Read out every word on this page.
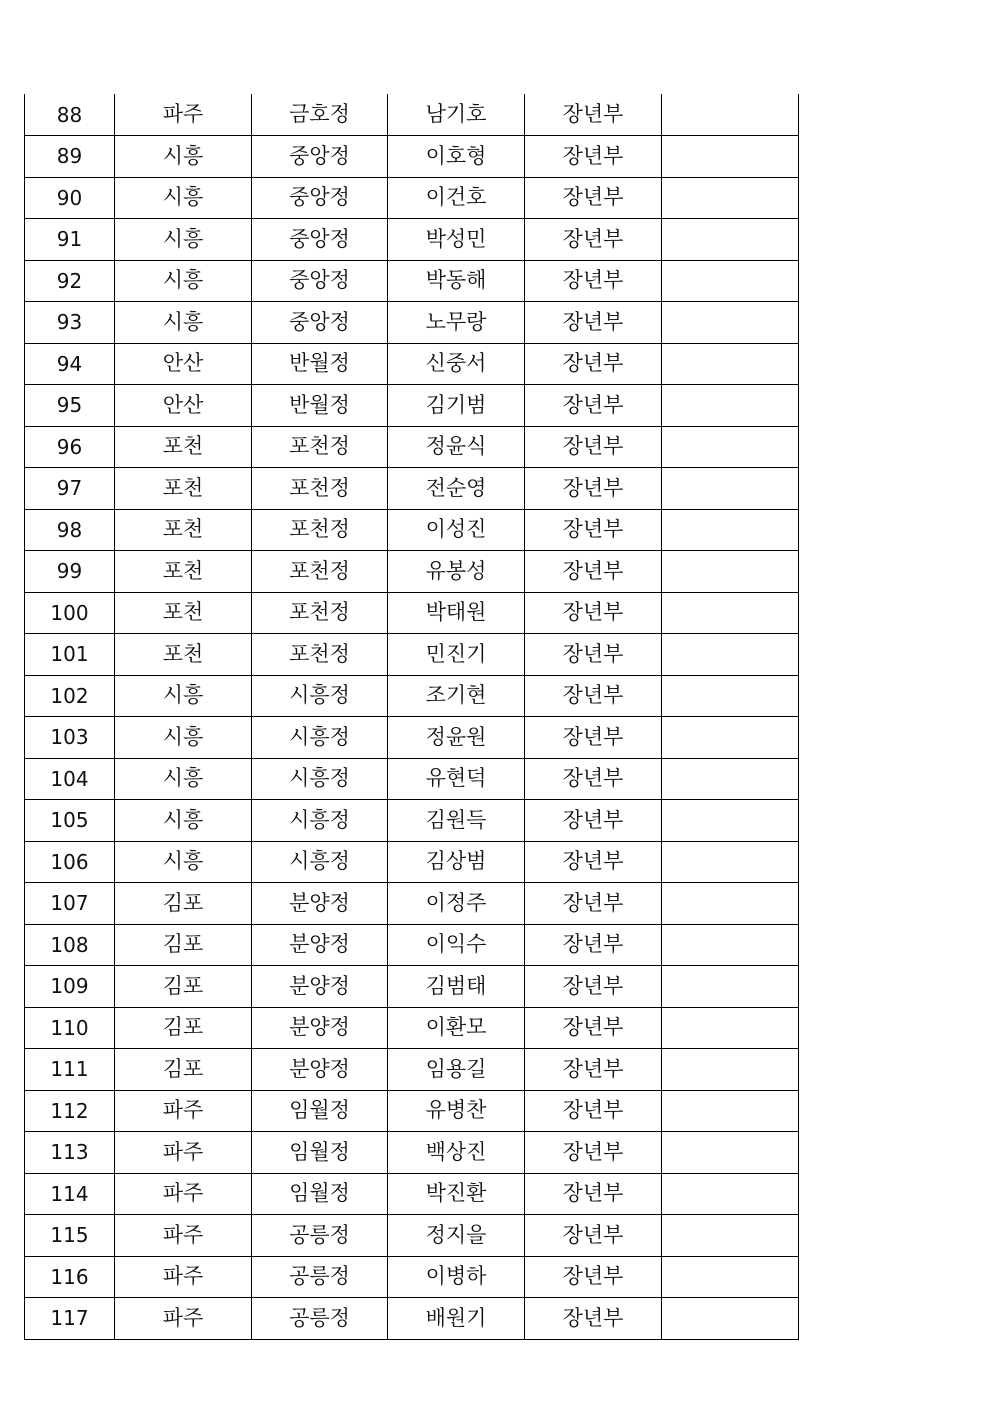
88	파주	금호정	남기호	장년부	
89	시흥	중앙정	이호형	장년부	
90	시흥	중앙정	이건호	장년부	
91	시흥	중앙정	박성민	장년부	
92	시흥	중앙정	박동해	장년부	
93	시흥	중앙정	노무랑	장년부	
94	안산	반월정	신중서	장년부	
95	안산	반월정	김기범	장년부	
96	포천	포천정	정윤식	장년부	
97	포천	포천정	전순영	장년부	
98	포천	포천정	이성진	장년부	
99	포천	포천정	유봉성	장년부	
100	포천	포천정	박태원	장년부	
101	포천	포천정	민진기	장년부	
102	시흥	시흥정	조기현	장년부	
103	시흥	시흥정	정윤원	장년부	
104	시흥	시흥정	유현덕	장년부	
105	시흥	시흥정	김원득	장년부	
106	시흥	시흥정	김상범	장년부	
107	김포	분양정	이정주	장년부	
108	김포	분양정	이익수	장년부	
109	김포	분양정	김범태	장년부	
110	김포	분양정	이환모	장년부	
111	김포	분양정	임용길	장년부	
112	파주	임월정	유병찬	장년부	
113	파주	임월정	백상진	장년부	
114	파주	임월정	박진환	장년부	
115	파주	공릉정	정지을	장년부	
116	파주	공릉정	이병하	장년부	
117	파주	공릉정	배원기	장년부	
